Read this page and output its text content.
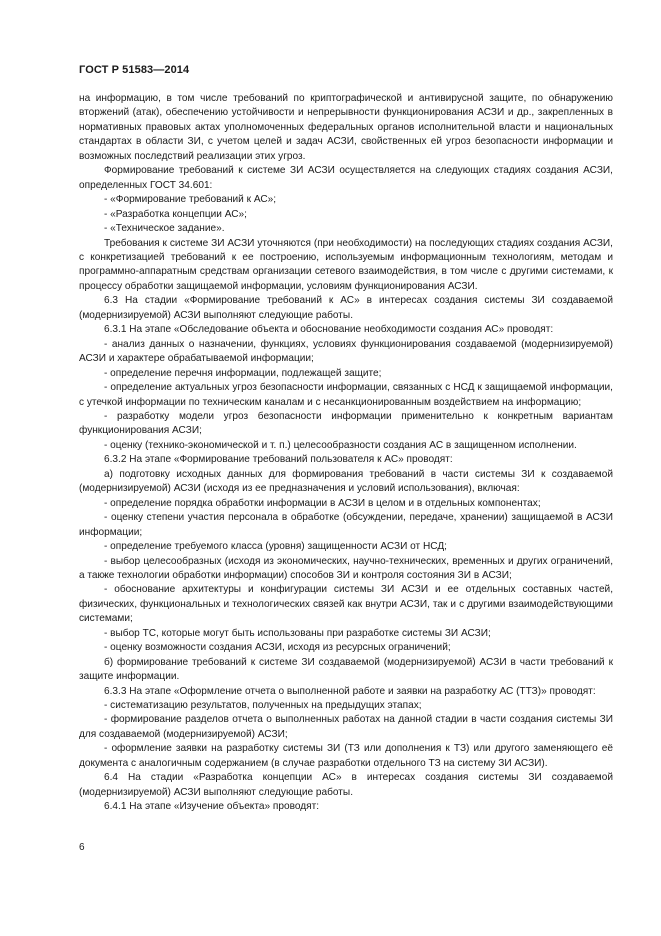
ГОСТ Р 51583—2014

на информацию, в том числе требований по криптографической и антивирусной защите, по обнаружению вторжений (атак), обеспечению устойчивости и непрерывности функционирования АСЗИ и др., закрепленных в нормативных правовых актах уполномоченных федеральных органов исполнительной власти и национальных стандартах в области ЗИ, с учетом целей и задач АСЗИ, свойственных ей угроз безопасности информации и возможных последствий реализации этих угроз.

Формирование требований к системе ЗИ АСЗИ осуществляется на следующих стадиях создания АСЗИ, определенных ГОСТ 34.601:

- «Формирование требований к АС»;

- «Разработка концепции АС»;

- «Техническое задание».

Требования к системе ЗИ АСЗИ уточняются (при необходимости) на последующих стадиях создания АСЗИ, с конкретизацией требований к ее построению, используемым информационным технологиям, методам и программно-аппаратным средствам организации сетевого взаимодействия, в том числе с другими системами, к процессу обработки защищаемой информации, условиям функционирования АСЗИ.

6.3 На стадии «Формирование требований к АС» в интересах создания системы ЗИ создаваемой (модернизируемой) АСЗИ выполняют следующие работы.

6.3.1 На этапе «Обследование объекта и обоснование необходимости создания АС» проводят:

- анализ данных о назначении, функциях, условиях функционирования создаваемой (модернизируемой) АСЗИ и характере обрабатываемой информации;

- определение перечня информации, подлежащей защите;

- определение актуальных угроз безопасности информации, связанных с НСД к защищаемой информации, с утечкой информации по техническим каналам и с несанкционированным воздействием на информацию;

- разработку модели угроз безопасности информации применительно к конкретным вариантам функционирования АСЗИ;

- оценку (технико-экономической и т. п.) целесообразности создания АС в защищенном исполнении.

6.3.2 На этапе «Формирование требований пользователя к АС» проводят:

а) подготовку исходных данных для формирования требований в части системы ЗИ к создаваемой (модернизируемой) АСЗИ (исходя из ее предназначения и условий использования), включая:

- определение порядка обработки информации в АСЗИ в целом и в отдельных компонентах;

- оценку степени участия персонала в обработке (обсуждении, передаче, хранении) защищаемой в АСЗИ информации;

- определение требуемого класса (уровня) защищенности АСЗИ от НСД;

- выбор целесообразных (исходя из экономических, научно-технических, временных и других ограничений, а также технологии обработки информации) способов ЗИ и контроля состояния ЗИ в АСЗИ;

- обоснование архитектуры и конфигурации системы ЗИ АСЗИ и ее отдельных составных частей, физических, функциональных и технологических связей как внутри АСЗИ, так и с другими взаимодействующими системами;

- выбор ТС, которые могут быть использованы при разработке системы ЗИ АСЗИ;

- оценку возможности создания АСЗИ, исходя из ресурсных ограничений;

б) формирование требований к системе ЗИ создаваемой (модернизируемой) АСЗИ в части требований к защите информации.

6.3.3 На этапе «Оформление отчета о выполненной работе и заявки на разработку АС (ТТЗ)» проводят:

- систематизацию результатов, полученных на предыдущих этапах;

- формирование разделов отчета о выполненных работах на данной стадии в части создания системы ЗИ для создаваемой (модернизируемой) АСЗИ;

- оформление заявки на разработку системы ЗИ (ТЗ или дополнения к ТЗ) или другого заменяющего её документа с аналогичным содержанием (в случае разработки отдельного ТЗ на систему ЗИ АСЗИ).

6.4 На стадии «Разработка концепции АС» в интересах создания системы ЗИ создаваемой (модернизируемой) АСЗИ выполняют следующие работы.

6.4.1 На этапе «Изучение объекта» проводят:

6
